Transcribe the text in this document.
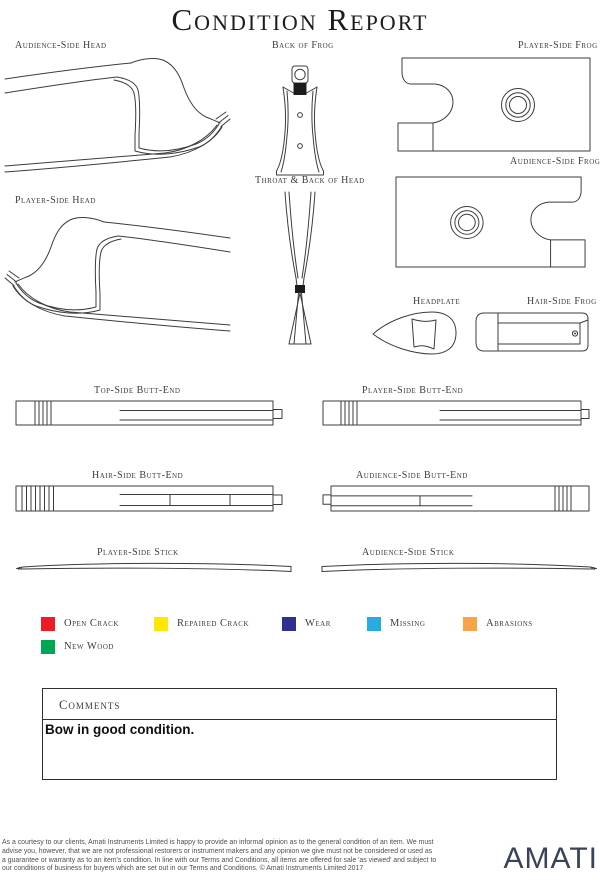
Condition Report
Audience-Side Head	Back of Frog	Player-Side Frog
Audience-Side Frog
Player-Side Head
Throat & Back of Head
Headplate	Hair-Side Frog
Top-Side Butt-End	Player-Side Butt-End
Hair-Side Butt-End	Audience-Side Butt-End
Player-Side Stick	Audience-Side Stick
Open Crack	Repaired Crack	Wear	Missing	Abrasions
New Wood
Comments
Bow in good condition.
As a courtesy to our clients, Amati Instruments Limited is happy to provide an informal opinion as to the general condition of an item. We must
advise you, however, that we are not professional restorers or instrument makers and any opinion we give must not be considered or used as
a guarantee or warranty as to an item's condition. In line with our Terms and Conditions, all items are offered for sale 'as viewed' and subject to
our conditions of business for buyers which are set out in our Terms and Conditions. © Amati Instruments Limited 2017	AMATI
